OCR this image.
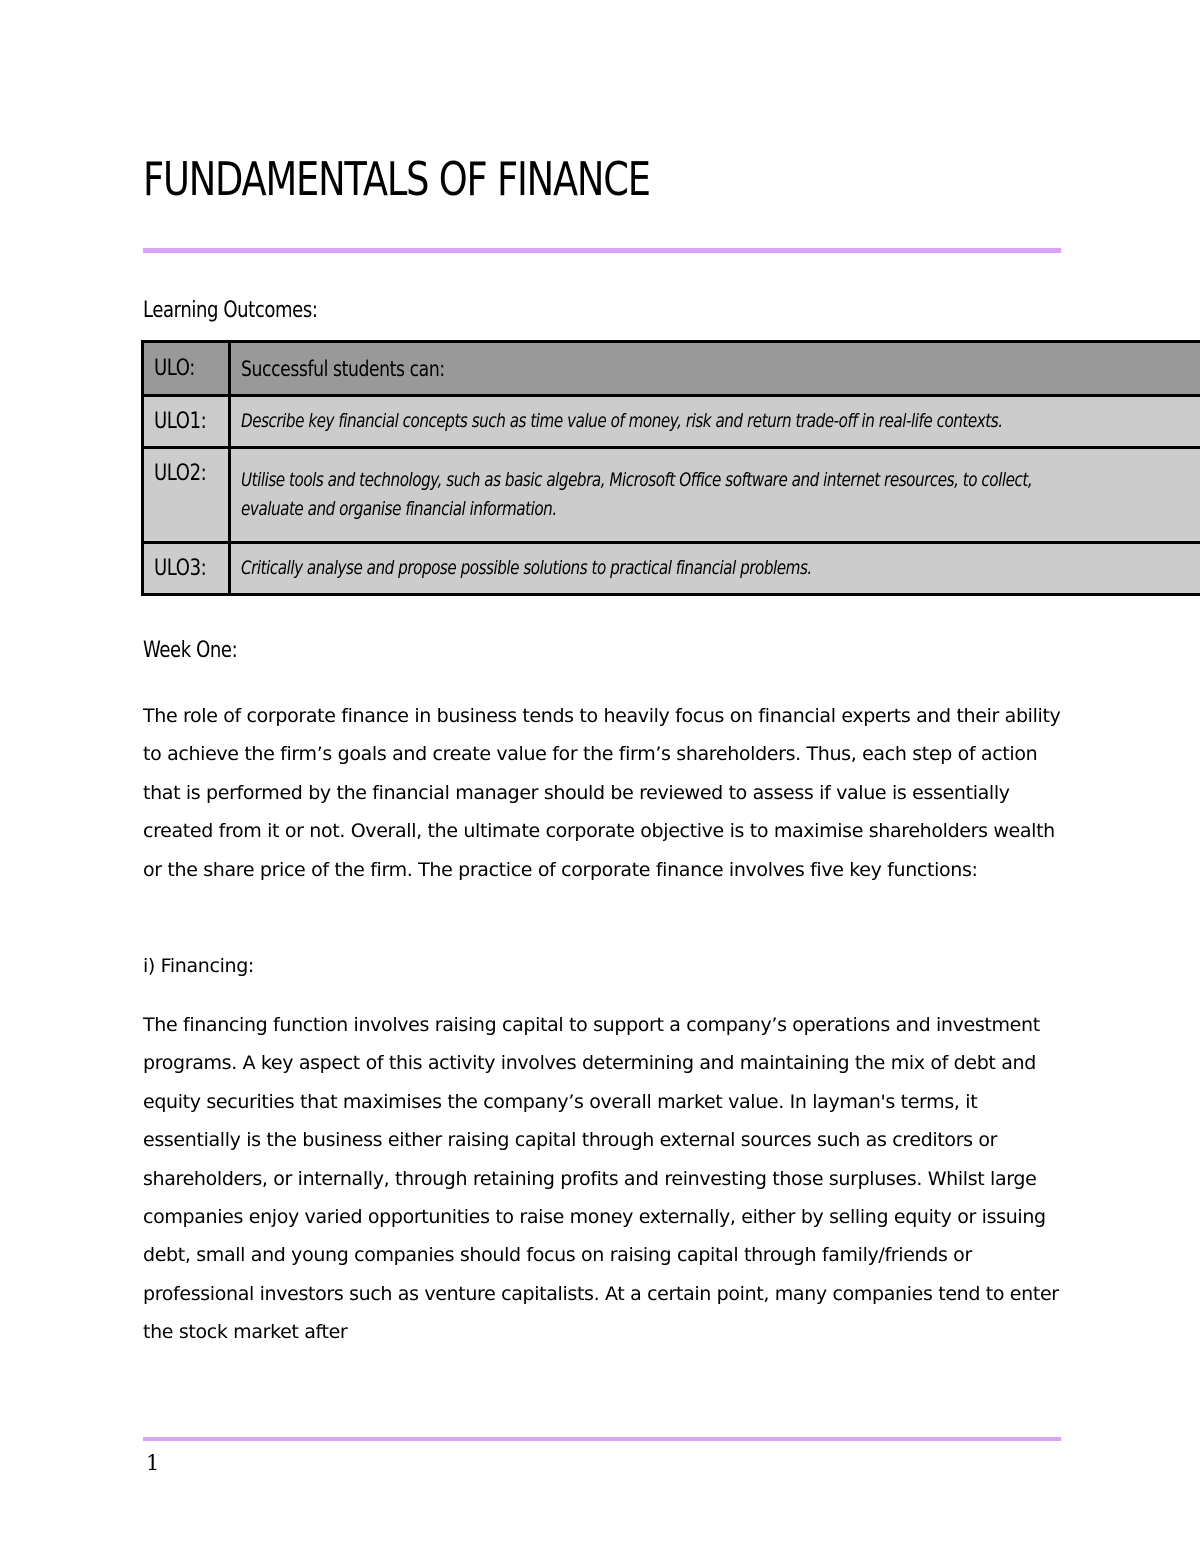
FUNDAMENTALS OF FINANCE
Learning Outcomes:
ULO:	Successful students can:
ULO1:	Describe key financial concepts such as time value of money, risk and return trade-off in real-life contexts.

ULO2:	Utilise tools and technology, such as basic algebra, Microsoft Office software and internet resources, to collect, evaluate and organise financial information.

ULO3:	Critically analyse and propose possible solutions to practical financial problems.
Week One:

The role of corporate finance in business tends to heavily focus on financial experts and their ability to achieve the firm’s goals and create value for the firm’s shareholders. Thus, each step of action that is performed by the financial manager should be reviewed to assess if value is essentially created from it or not. Overall, the ultimate corporate objective is to maximise shareholders wealth or the share price of the firm. The practice of corporate finance involves five key functions:

i) Financing:

The financing function involves raising capital to support a company’s operations and investment programs. A key aspect of this activity involves determining and maintaining the mix of debt and equity securities that maximises the company’s overall market value. In layman's terms, it essentially is the business either raising capital through external sources such as creditors or shareholders, or internally, through retaining profits and reinvesting those surpluses. Whilst large companies enjoy varied opportunities to raise money externally, either by selling equity or issuing debt, small and young companies should focus on raising capital through family/friends or professional investors such as venture capitalists. At a certain point, many companies tend to enter the stock market after

1
